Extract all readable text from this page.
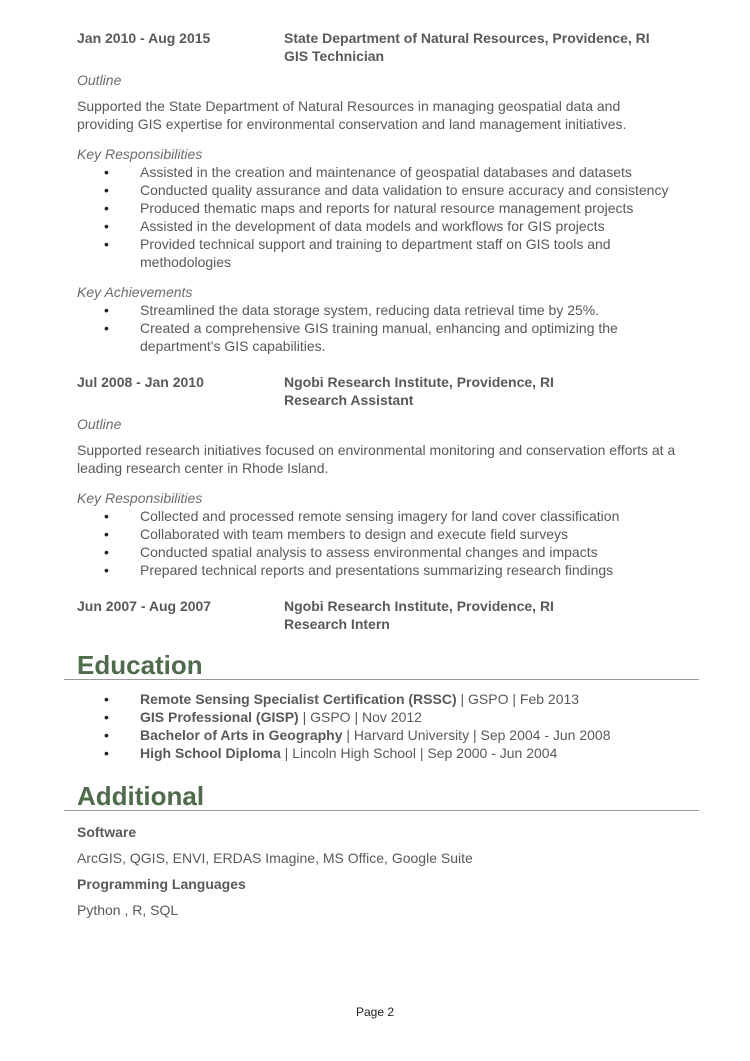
Jan 2010 - Aug 2015	State Department of Natural Resources, Providence, RI
GIS Technician
Outline

Supported the State Department of Natural Resources in managing geospatial data and providing GIS expertise for environmental conservation and land management initiatives.

Key Responsibilities
• Assisted in the creation and maintenance of geospatial databases and datasets
• Conducted quality assurance and data validation to ensure accuracy and consistency
• Produced thematic maps and reports for natural resource management projects
• Assisted in the development of data models and workflows for GIS projects
• Provided technical support and training to department staff on GIS tools and methodologies
Key Achievements
• Streamlined the data storage system, reducing data retrieval time by 25%.
• Created a comprehensive GIS training manual, enhancing and optimizing the department's GIS capabilities.
Jul 2008 - Jan 2010	Ngobi Research Institute, Providence, RI
Research Assistant
Outline

Supported research initiatives focused on environmental monitoring and conservation efforts at a leading research center in Rhode Island.

Key Responsibilities
• Collected and processed remote sensing imagery for land cover classification
• Collaborated with team members to design and execute field surveys
• Conducted spatial analysis to assess environmental changes and impacts
• Prepared technical reports and presentations summarizing research findings
Jun 2007 - Aug 2007	Ngobi Research Institute, Providence, RI
Research Intern
Education
• Remote Sensing Specialist Certification (RSSC) | GSPO | Feb 2013
• GIS Professional (GISP) | GSPO | Nov 2012
• Bachelor of Arts in Geography | Harvard University | Sep 2004 - Jun 2008
• High School Diploma | Lincoln High School | Sep 2000 - Jun 2004
Additional
Software
ArcGIS, QGIS, ENVI, ERDAS Imagine, MS Office, Google Suite
Programming Languages
Python , R, SQL
Page 2
